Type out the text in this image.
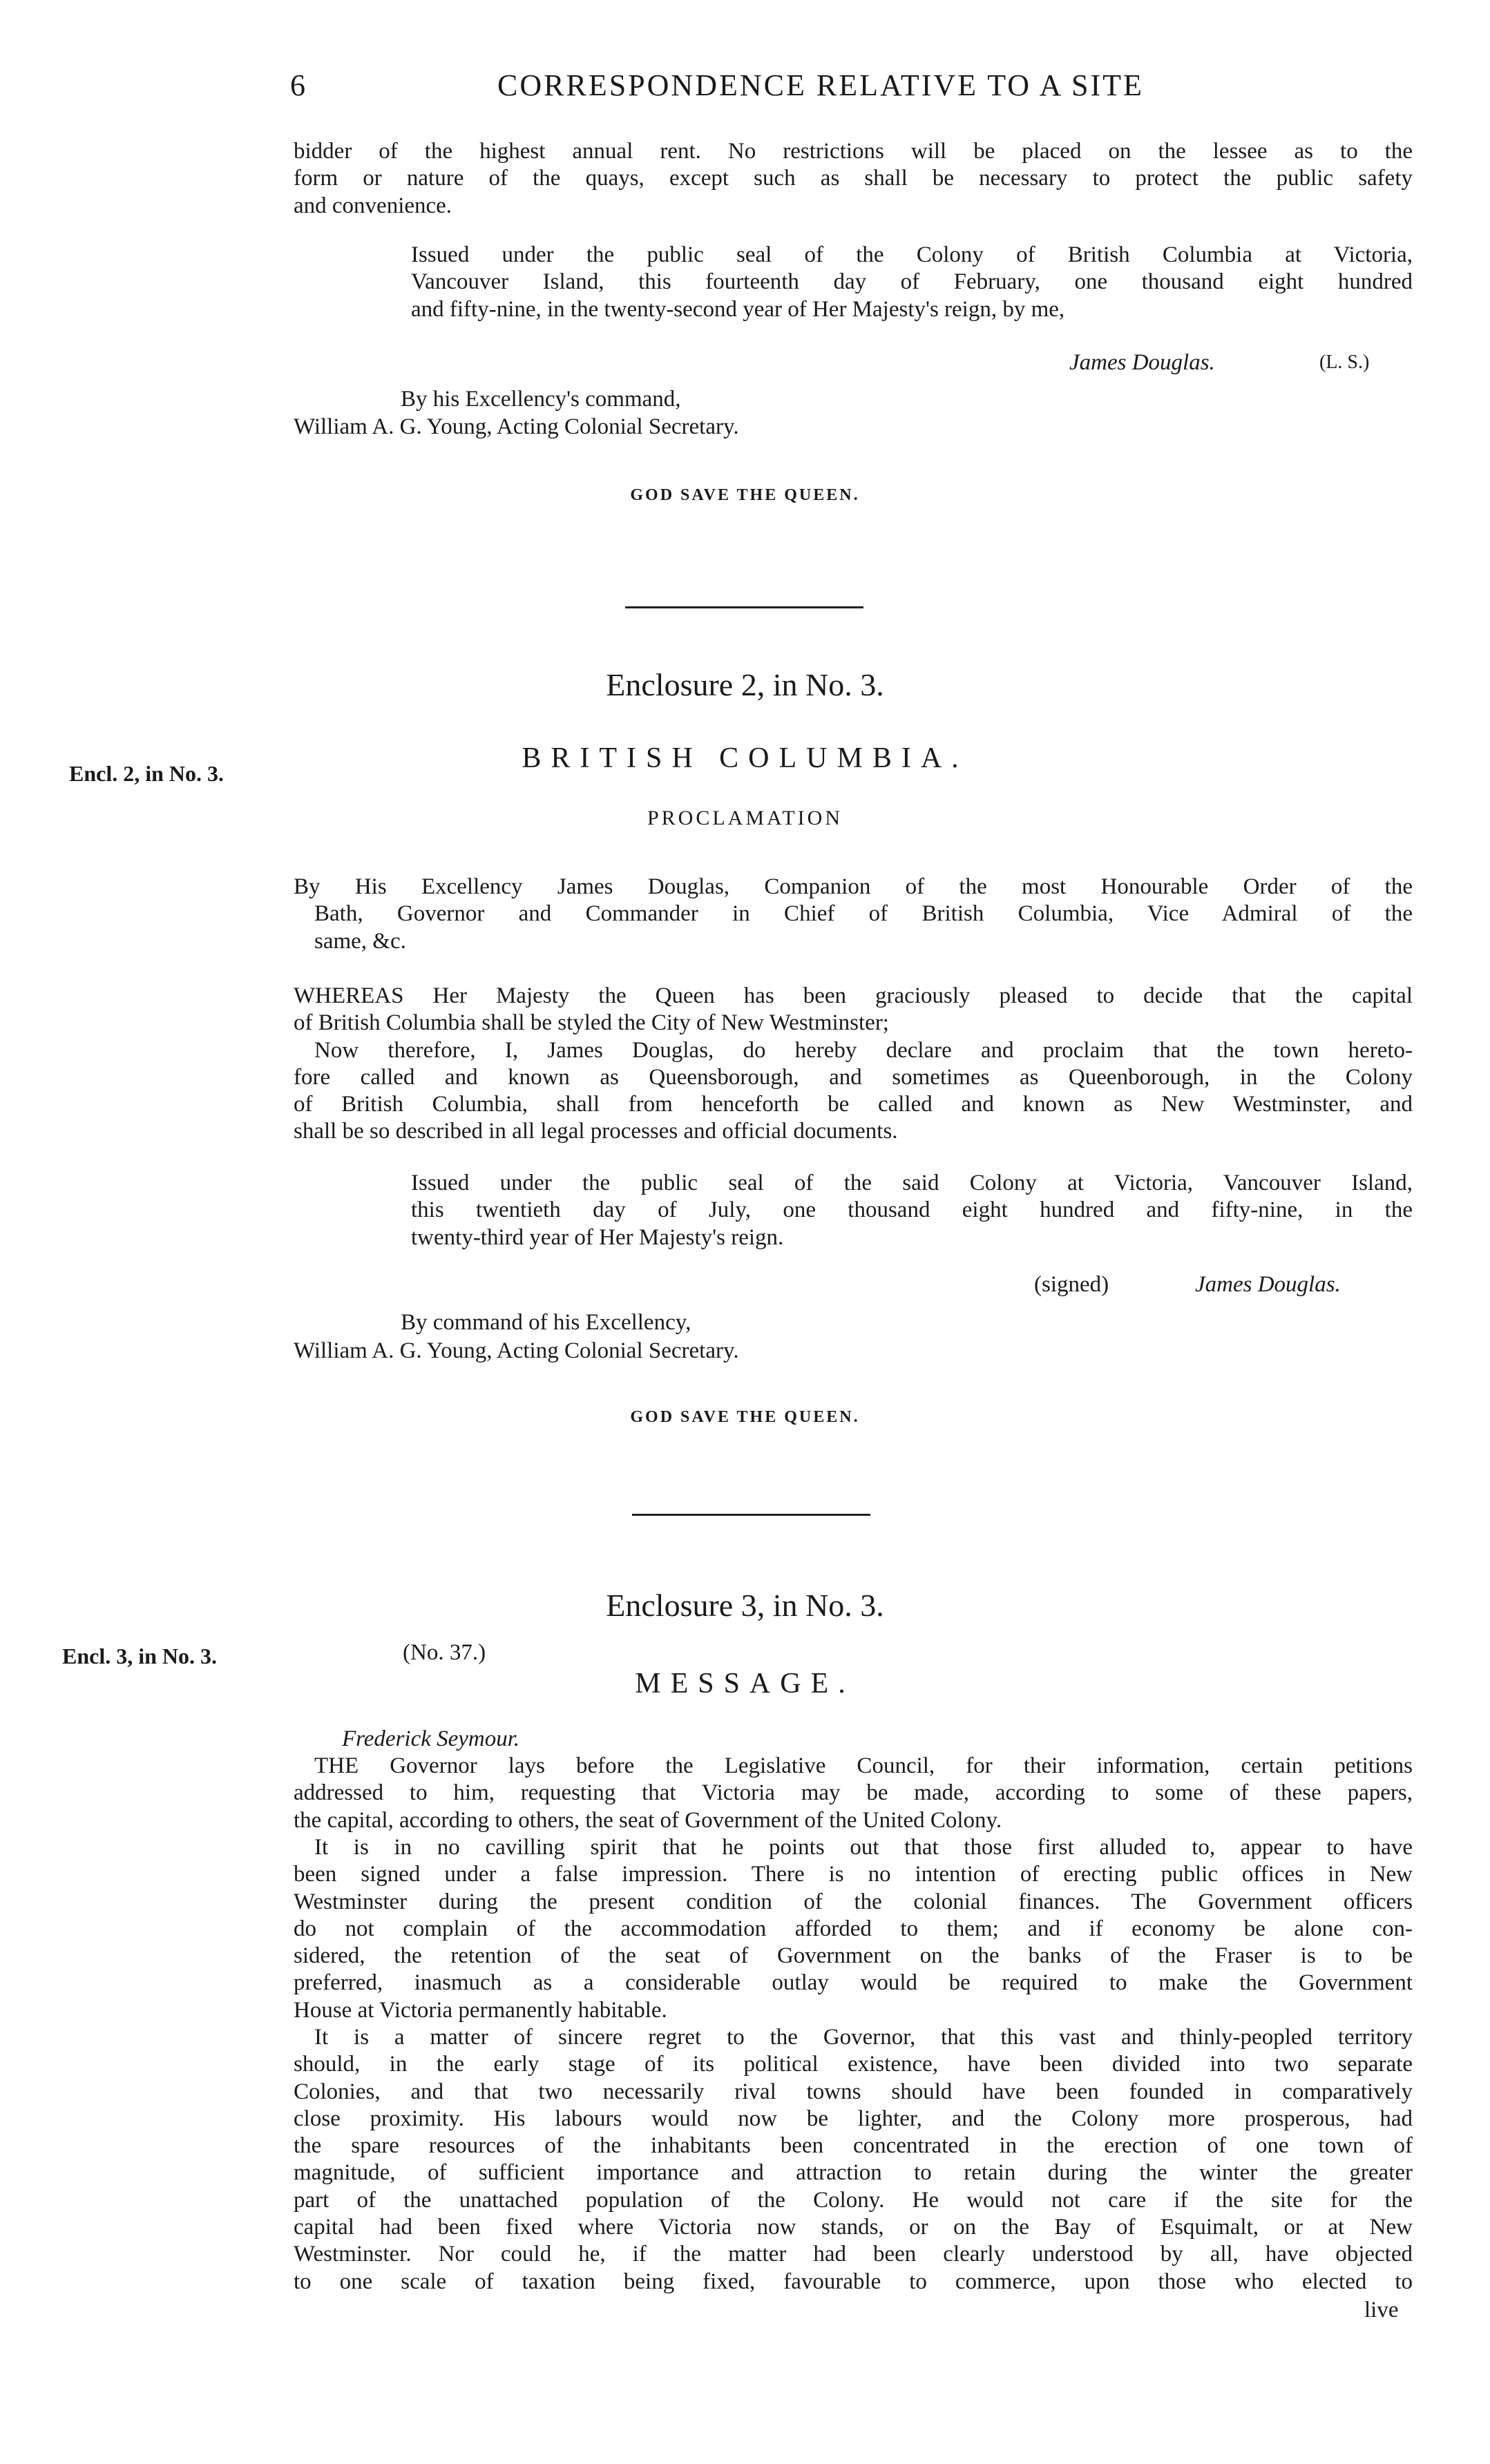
6	CORRESPONDENCE RELATIVE TO A SITE
bidder of the highest annual rent. No restrictions will be placed on the lessee as to the
form or nature of the quays, except such as shall be necessary to protect the public safety
and convenience.
Issued under the public seal of the Colony of British Columbia at Victoria,
Vancouver Island, this fourteenth day of February, one thousand eight hundred
and fifty-nine, in the twenty-second year of Her Majesty's reign, by me,
James Douglas.	(L. S.)
By his Excellency's command,
William A. G. Young, Acting Colonial Secretary.
GOD SAVE THE QUEEN.
Enclosure 2, in No. 3.
Encl. 2, in No. 3.	BRITISH COLUMBIA.
PROCLAMATION
By His Excellency James Douglas, Companion of the most Honourable Order of the
Bath, Governor and Commander in Chief of British Columbia, Vice Admiral of the
same, &c.
WHEREAS Her Majesty the Queen has been graciously pleased to decide that the capital
of British Columbia shall be styled the City of New Westminster;
Now therefore, I, James Douglas, do hereby declare and proclaim that the town hereto-
fore called and known as Queensborough, and sometimes as Queenborough, in the Colony
of British Columbia, shall from henceforth be called and known as New Westminster, and
shall be so described in all legal processes and official documents.
Issued under the public seal of the said Colony at Victoria, Vancouver Island,
this twentieth day of July, one thousand eight hundred and fifty-nine, in the
twenty-third year of Her Majesty's reign.
(signed)	James Douglas.
By command of his Excellency,
William A. G. Young, Acting Colonial Secretary.
GOD SAVE THE QUEEN.
Enclosure 3, in No. 3.
Encl. 3, in No. 3.	(No. 37.)
MESSAGE.
Frederick Seymour.
THE Governor lays before the Legislative Council, for their information, certain petitions
addressed to him, requesting that Victoria may be made, according to some of these papers,
the capital, according to others, the seat of Government of the United Colony.
It is in no cavilling spirit that he points out that those first alluded to, appear to have
been signed under a false impression. There is no intention of erecting public offices in New
Westminster during the present condition of the colonial finances. The Government officers
do not complain of the accommodation afforded to them; and if economy be alone con-
sidered, the retention of the seat of Government on the banks of the Fraser is to be
preferred, inasmuch as a considerable outlay would be required to make the Government
House at Victoria permanently habitable.
It is a matter of sincere regret to the Governor, that this vast and thinly-peopled territory
should, in the early stage of its political existence, have been divided into two separate
Colonies, and that two necessarily rival towns should have been founded in comparatively
close proximity. His labours would now be lighter, and the Colony more prosperous, had
the spare resources of the inhabitants been concentrated in the erection of one town of
magnitude, of sufficient importance and attraction to retain during the winter the greater
part of the unattached population of the Colony. He would not care if the site for the
capital had been fixed where Victoria now stands, or on the Bay of Esquimalt, or at New
Westminster. Nor could he, if the matter had been clearly understood by all, have objected
to one scale of taxation being fixed, favourable to commerce, upon those who elected to
live
